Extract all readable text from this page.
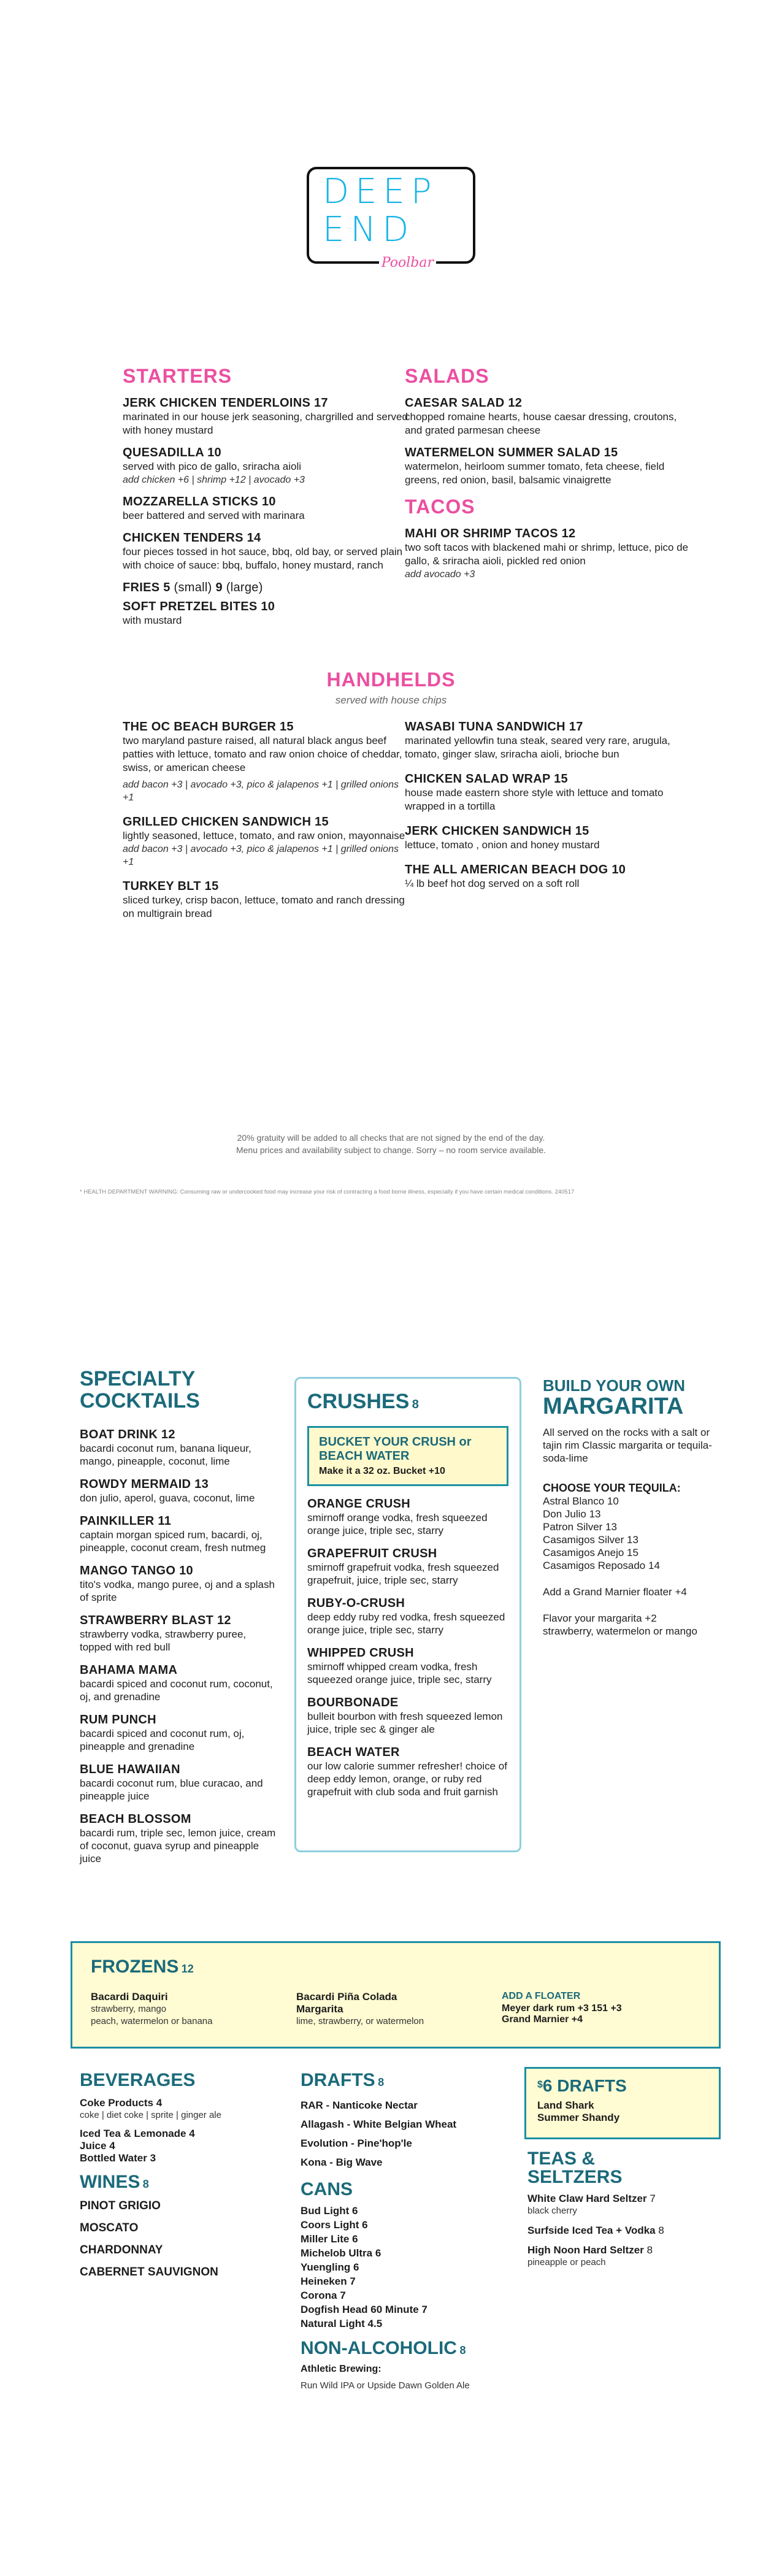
DEEP
END
Poolbar
STARTERS
JERK CHICKEN TENDERLOINS 17
marinated in our house jerk seasoning, chargrilled and served with honey mustard
QUESADILLA 10
served with pico de gallo, sriracha aioli
add chicken +6 | shrimp +12 | avocado +3
MOZZARELLA STICKS 10
beer battered and served with marinara
CHICKEN TENDERS 14
four pieces tossed in hot sauce, bbq, old bay, or served plain with choice of sauce: bbq, buffalo, honey mustard, ranch
FRIES 5 (small) 9 (large)
SOFT PRETZEL BITES 10
with mustard
SALADS
CAESAR SALAD 12
chopped romaine hearts, house caesar dressing, croutons, and grated parmesan cheese
WATERMELON SUMMER SALAD 15
watermelon, heirloom summer tomato, feta cheese, field greens, red onion, basil, balsamic vinaigrette
TACOS
MAHI OR SHRIMP TACOS 12
two soft tacos with blackened mahi or shrimp, lettuce, pico de gallo, & sriracha aioli, pickled red onion
add avocado +3
HANDHELDS
served with house chips
THE OC BEACH BURGER 15
two maryland pasture raised, all natural black angus beef patties with lettuce, tomato and raw onion choice of cheddar, swiss, or american cheese
add bacon +3 | avocado +3, pico & jalapenos +1 | grilled onions +1
GRILLED CHICKEN SANDWICH 15
lightly seasoned, lettuce, tomato, and raw onion, mayonnaise
add bacon +3 | avocado +3, pico & jalapenos +1 | grilled onions +1
TURKEY BLT 15
sliced turkey, crisp bacon, lettuce, tomato and ranch dressing on multigrain bread
WASABI TUNA SANDWICH 17
marinated yellowfin tuna steak, seared very rare, arugula, tomato, ginger slaw, sriracha aioli, brioche bun
CHICKEN SALAD WRAP 15
house made eastern shore style with lettuce and tomato wrapped in a tortilla
JERK CHICKEN SANDWICH 15
lettuce, tomato , onion and honey mustard
THE ALL AMERICAN BEACH DOG 10
¼ lb beef hot dog served on a soft roll
20% gratuity will be added to all checks that are not signed by the end of the day.
Menu prices and availability subject to change. Sorry – no room service available.
* HEALTH DEPARTMENT WARNING: Consuming raw or undercooked food may increase your risk of contracting a food borne illness, especially if you have certain medical conditions. 240517
SPECIALTY
COCKTAILS
BOAT DRINK 12
bacardi coconut rum, banana liqueur, mango, pineapple, coconut, lime
ROWDY MERMAID 13
don julio, aperol, guava, coconut, lime
PAINKILLER 11
captain morgan spiced rum, bacardi, oj, pineapple, coconut cream, fresh nutmeg
MANGO TANGO 10
tito's vodka, mango puree, oj and a splash of sprite
STRAWBERRY BLAST 12
strawberry vodka, strawberry puree, topped with red bull
BAHAMA MAMA
bacardi spiced and coconut rum, coconut, oj, and grenadine
RUM PUNCH
bacardi spiced and coconut rum, oj, pineapple and grenadine
BLUE HAWAIIAN
bacardi coconut rum, blue curacao, and pineapple juice
BEACH BLOSSOM
bacardi rum, triple sec, lemon juice, cream of coconut, guava syrup and pineapple juice
CRUSHES 8
BUCKET YOUR CRUSH or BEACH WATER
Make it a 32 oz. Bucket +10
ORANGE CRUSH
smirnoff orange vodka, fresh squeezed orange juice, triple sec, starry
GRAPEFRUIT CRUSH
smirnoff grapefruit vodka, fresh squeezed grapefruit, juice, triple sec, starry
RUBY-O-CRUSH
deep eddy ruby red vodka, fresh squeezed orange juice, triple sec, starry
WHIPPED CRUSH
smirnoff whipped cream vodka, fresh squeezed orange juice, triple sec, starry
BOURBONADE
bulleit bourbon with fresh squeezed lemon juice, triple sec & ginger ale
BEACH WATER
our low calorie summer refresher! choice of deep eddy lemon, orange, or ruby red grapefruit with club soda and fruit garnish
BUILD YOUR OWN
MARGARITA
All served on the rocks with a salt or tajin rim Classic margarita or tequila-soda-lime
CHOOSE YOUR TEQUILA:
Astral Blanco 10
Don Julio 13
Patron Silver 13
Casamigos Silver 13
Casamigos Anejo 15
Casamigos Reposado 14
Add a Grand Marnier floater +4
Flavor your margarita +2
strawberry, watermelon or mango
FROZENS 12
Bacardi Daquiri
strawberry, mango
peach, watermelon or banana
Bacardi Piña Colada
Margarita
lime, strawberry, or watermelon
ADD A FLOATER
Meyer dark rum +3 151 +3
Grand Marnier +4
BEVERAGES
Coke Products 4
coke | diet coke | sprite | ginger ale
Iced Tea & Lemonade 4
Juice 4
Bottled Water 3
WINES 8
PINOT GRIGIO
MOSCATO
CHARDONNAY
CABERNET SAUVIGNON
DRAFTS 8
RAR - Nanticoke Nectar
Allagash - White Belgian Wheat
Evolution - Pine'hop'le
Kona - Big Wave
CANS
Bud Light 6
Coors Light 6
Miller Lite 6
Michelob Ultra 6
Yuengling 6
Heineken 7
Corona 7
Dogfish Head 60 Minute 7
Natural Light 4.5
NON-ALCOHOLIC 8
Athletic Brewing:
Run Wild IPA or Upside Dawn Golden Ale
$6 DRAFTS
Land Shark
Summer Shandy
TEAS &
SELTZERS
White Claw Hard Seltzer 7
black cherry
Surfside Iced Tea + Vodka 8
High Noon Hard Seltzer 8
pineapple or peach
